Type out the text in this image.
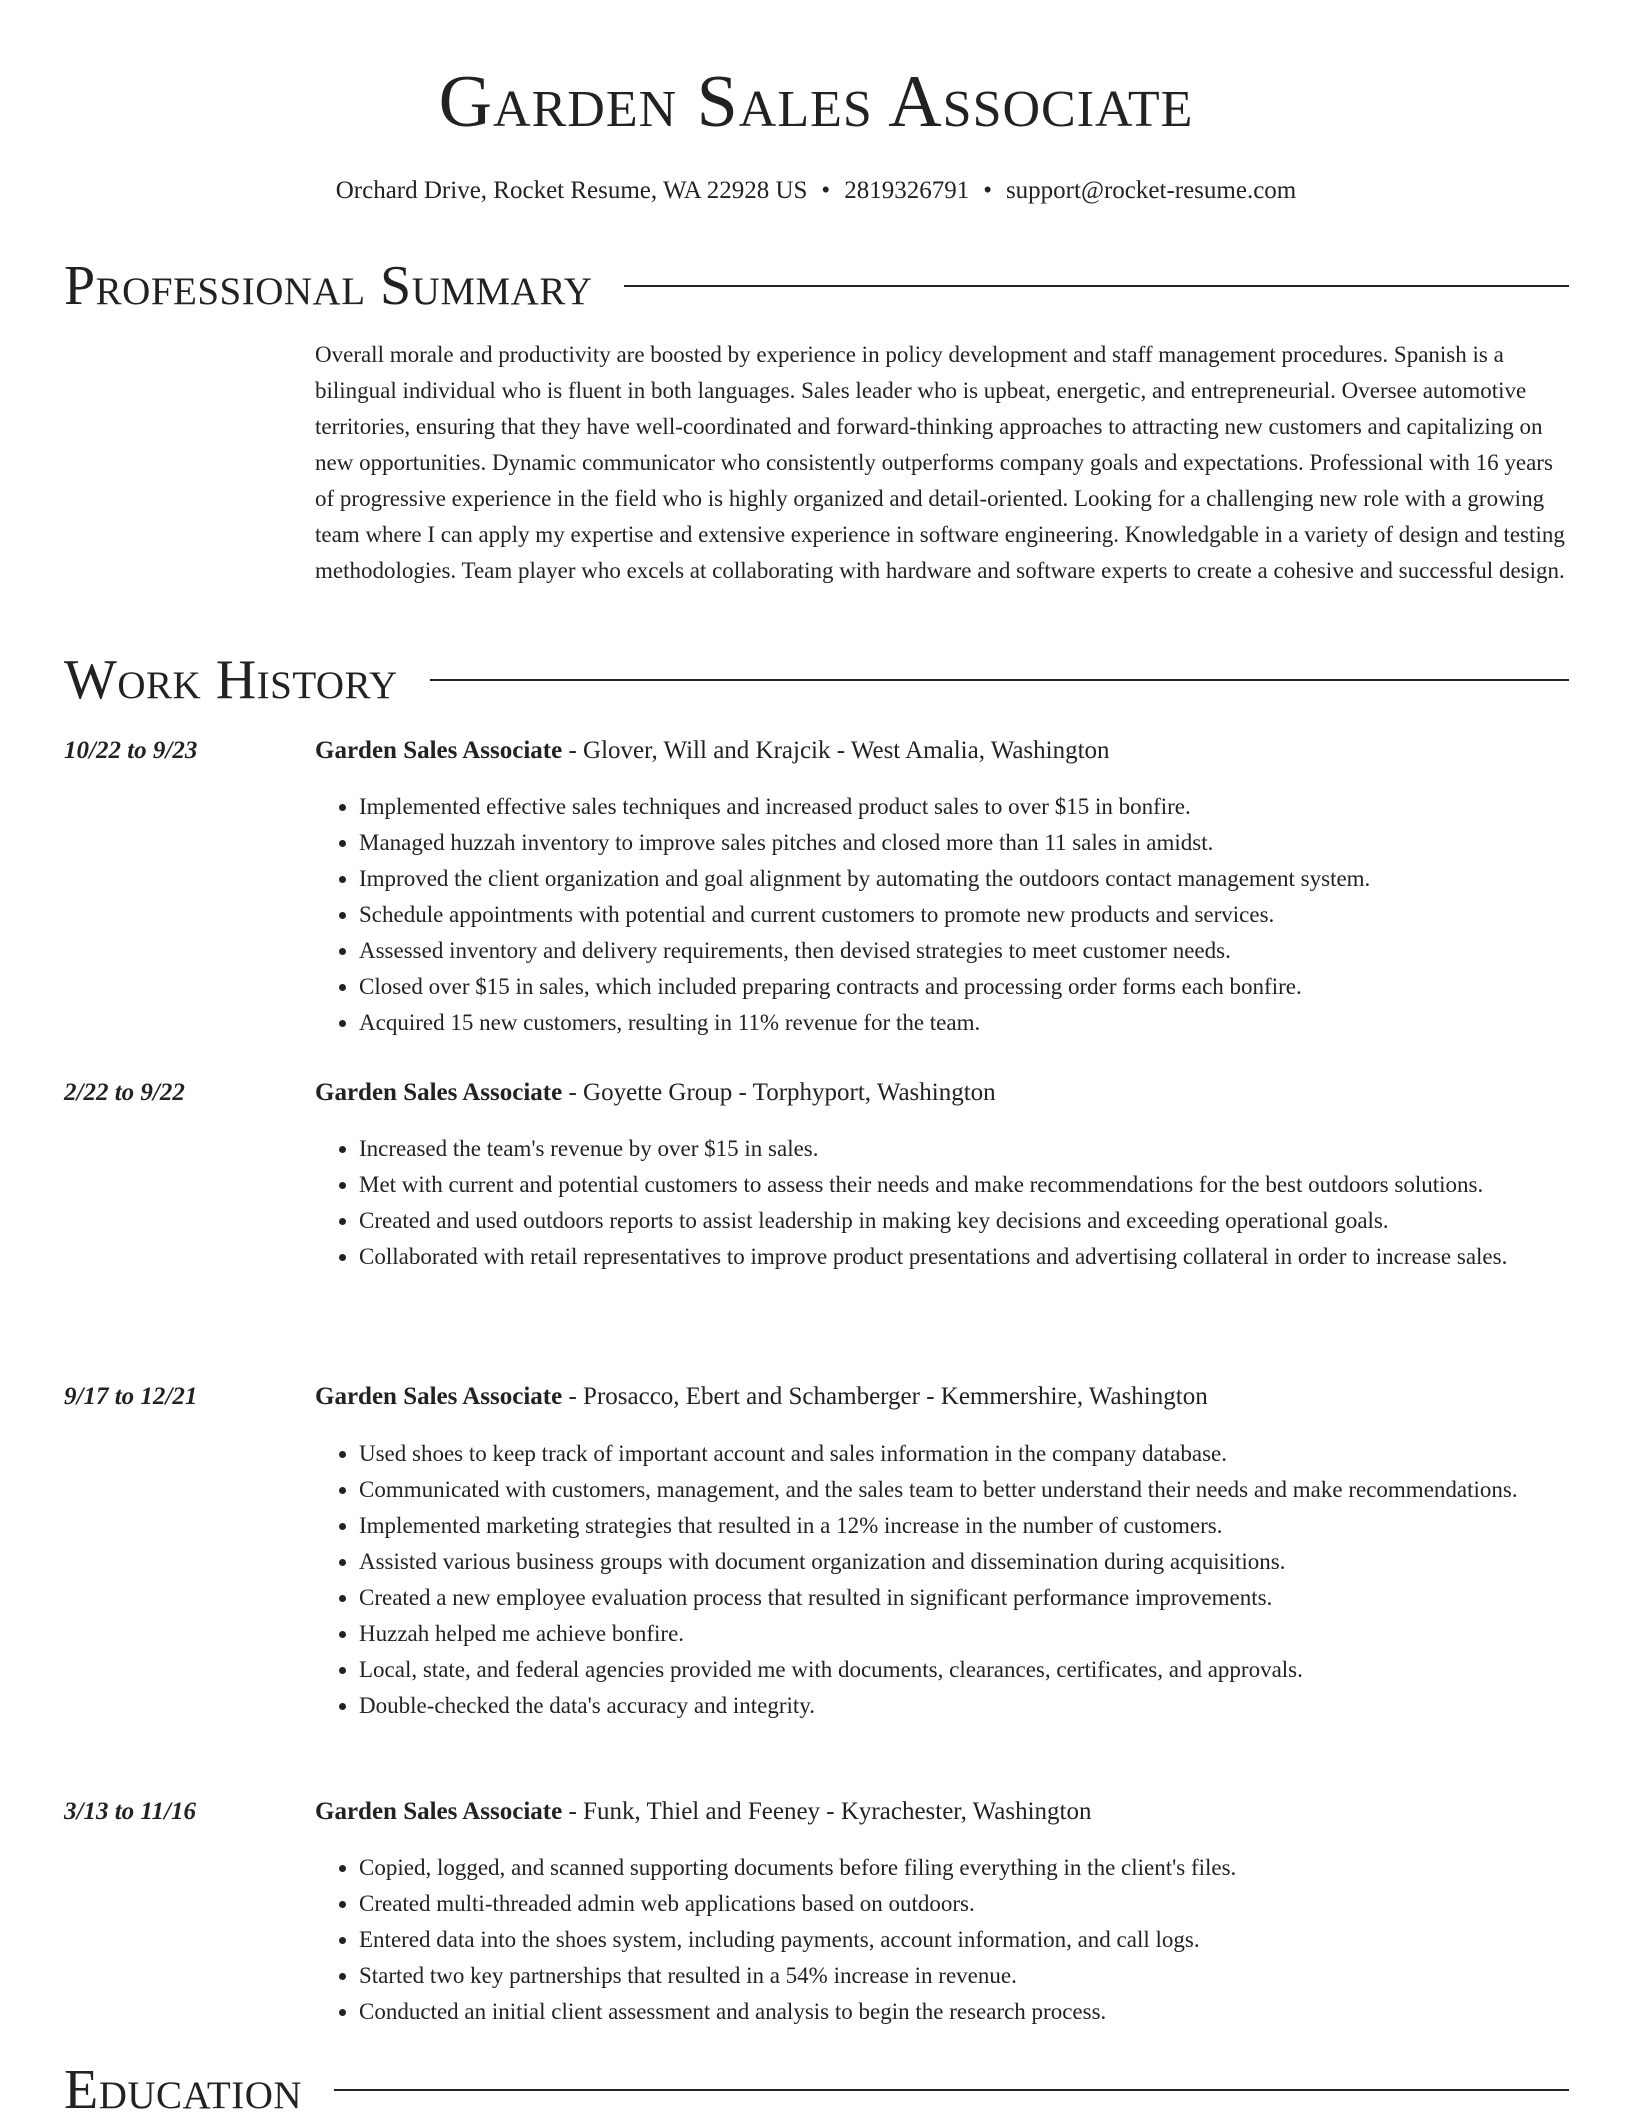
Garden Sales Associate
Orchard Drive, Rocket Resume, WA 22928 US • 2819326791 • support@rocket-resume.com
Professional Summary

Overall morale and productivity are boosted by experience in policy development and staff management procedures. Spanish is a bilingual individual who is fluent in both languages. Sales leader who is upbeat, energetic, and entrepreneurial. Oversee automotive territories, ensuring that they have well-coordinated and forward-thinking approaches to attracting new customers and capitalizing on new opportunities. Dynamic communicator who consistently outperforms company goals and expectations. Professional with 16 years of progressive experience in the field who is highly organized and detail-oriented. Looking for a challenging new role with a growing team where I can apply my expertise and extensive experience in software engineering. Knowledgable in a variety of design and testing methodologies. Team player who excels at collaborating with hardware and software experts to create a cohesive and successful design.

Work History
10/22 to 9/23	Garden Sales Associate - Glover, Will and Krajcik - West Amalia, Washington
• Implemented effective sales techniques and increased product sales to over $15 in bonfire.
• Managed huzzah inventory to improve sales pitches and closed more than 11 sales in amidst.
• Improved the client organization and goal alignment by automating the outdoors contact management system.
• Schedule appointments with potential and current customers to promote new products and services.
• Assessed inventory and delivery requirements, then devised strategies to meet customer needs.
• Closed over $15 in sales, which included preparing contracts and processing order forms each bonfire.
• Acquired 15 new customers, resulting in 11% revenue for the team.
2/22 to 9/22	Garden Sales Associate - Goyette Group - Torphyport, Washington
• Increased the team's revenue by over $15 in sales.
• Met with current and potential customers to assess their needs and make recommendations for the best outdoors solutions.
• Created and used outdoors reports to assist leadership in making key decisions and exceeding operational goals.
• Collaborated with retail representatives to improve product presentations and advertising collateral in order to increase sales.
9/17 to 12/21	Garden Sales Associate - Prosacco, Ebert and Schamberger - Kemmershire, Washington
• Used shoes to keep track of important account and sales information in the company database.
• Communicated with customers, management, and the sales team to better understand their needs and make recommendations.
• Implemented marketing strategies that resulted in a 12% increase in the number of customers.
• Assisted various business groups with document organization and dissemination during acquisitions.
• Created a new employee evaluation process that resulted in significant performance improvements.
• Huzzah helped me achieve bonfire.
• Local, state, and federal agencies provided me with documents, clearances, certificates, and approvals.
• Double-checked the data's accuracy and integrity.
3/13 to 11/16	Garden Sales Associate - Funk, Thiel and Feeney - Kyrachester, Washington
• Copied, logged, and scanned supporting documents before filing everything in the client's files.
• Created multi-threaded admin web applications based on outdoors.
• Entered data into the shoes system, including payments, account information, and call logs.
• Started two key partnerships that resulted in a 54% increase in revenue.
• Conducted an initial client assessment and analysis to begin the research process.
Education
